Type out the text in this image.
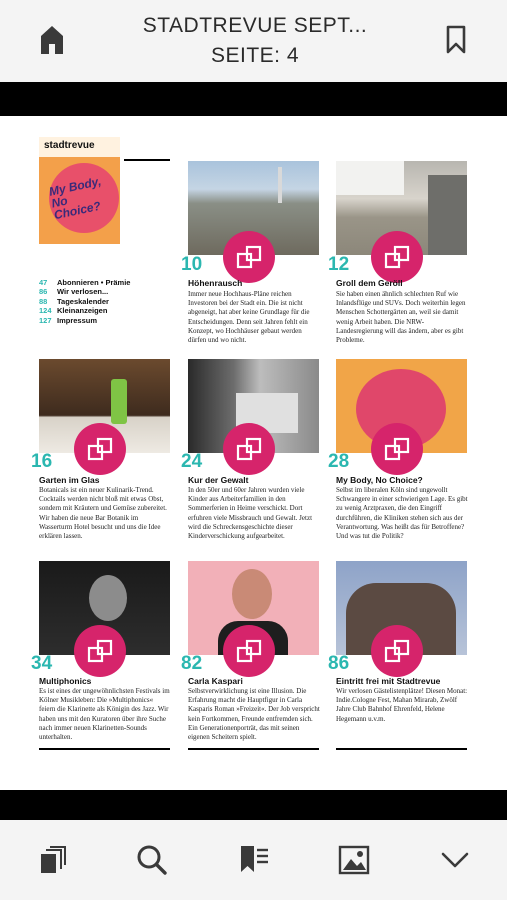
STADTREVUE SEPT...
SEITE: 4
stadtrevue
My Body, No Choice?
47 Abonnieren • Prämie
86 Wir verlosen...
88 Tageskalender
124 Kleinanzeigen
127 Impressum
10
Höhenrausch
Immer neue Hochhaus-Pläne reichen Investoren bei der Stadt ein. Die ist nicht abgeneigt, hat aber keine Grundlage für die Entscheidungen. Denn seit Jahren fehlt ein Konzept, wo Hochhäuser gebaut werden dürfen und wo nicht.
12
Groll dem Geröll
Sie haben einen ähnlich schlechten Ruf wie Inlandsflüge und SUVs. Doch weiterhin legen Menschen Schottergärten an, weil sie damit wenig Arbeit haben. Die NRW-Landesregierung will das ändern, aber es gibt Probleme.
16
Garten im Glas
Botanicals ist ein neuer Kulinarik-Trend. Cocktails werden nicht bloß mit etwas Obst, sondern mit Kräutern und Gemüse zubereitet. Wir haben die neue Bar Botanik im Wasserturm Hotel besucht und uns die Idee erklären lassen.
24
Kur der Gewalt
In den 50er und 60er Jahren wurden viele Kinder aus Arbeiterfamilien in den Sommerferien in Heime verschickt. Dort erfuhren viele Missbrauch und Gewalt. Jetzt wird die Schreckensgeschichte dieser Kinderverschickung aufgearbeitet.
28
My Body, No Choice?
Selbst im liberalen Köln sind ungewollt Schwangere in einer schwierigen Lage. Es gibt zu wenig Arztpraxen, die den Eingriff durchführen, die Kliniken stehen sich aus der Verantwortung. Was heißt das für Betroffene? Und was tut die Politik?
34
Multiphonics
Es ist eines der ungewöhnlichsten Festivals im Kölner Musikleben: Die »Multiphonics« feiern die Klarinette als Königin des Jazz. Wir haben uns mit den Kuratoren über ihre Suche nach immer neuen Klarinetten-Sounds unterhalten.
82
Carla Kaspari
Selbstverwirklichung ist eine Illusion. Die Erfahrung macht die Hauptfigur in Carla Kasparis Roman »Freizeit«. Der Job verspricht kein Fortkommen, Freunde entfremden sich. Ein Generationenporträt, das mit seinen eigenen Scheitern spielt.
86
Eintritt frei mit Stadtrevue
Wir verlosen Gästelistenplätze! Diesen Monat: Indie.Cologne Fest, Mahan Mirarab, Zwölf Jahre Club Bahnhof Ehrenfeld, Helene Hegemann u.v.m.
